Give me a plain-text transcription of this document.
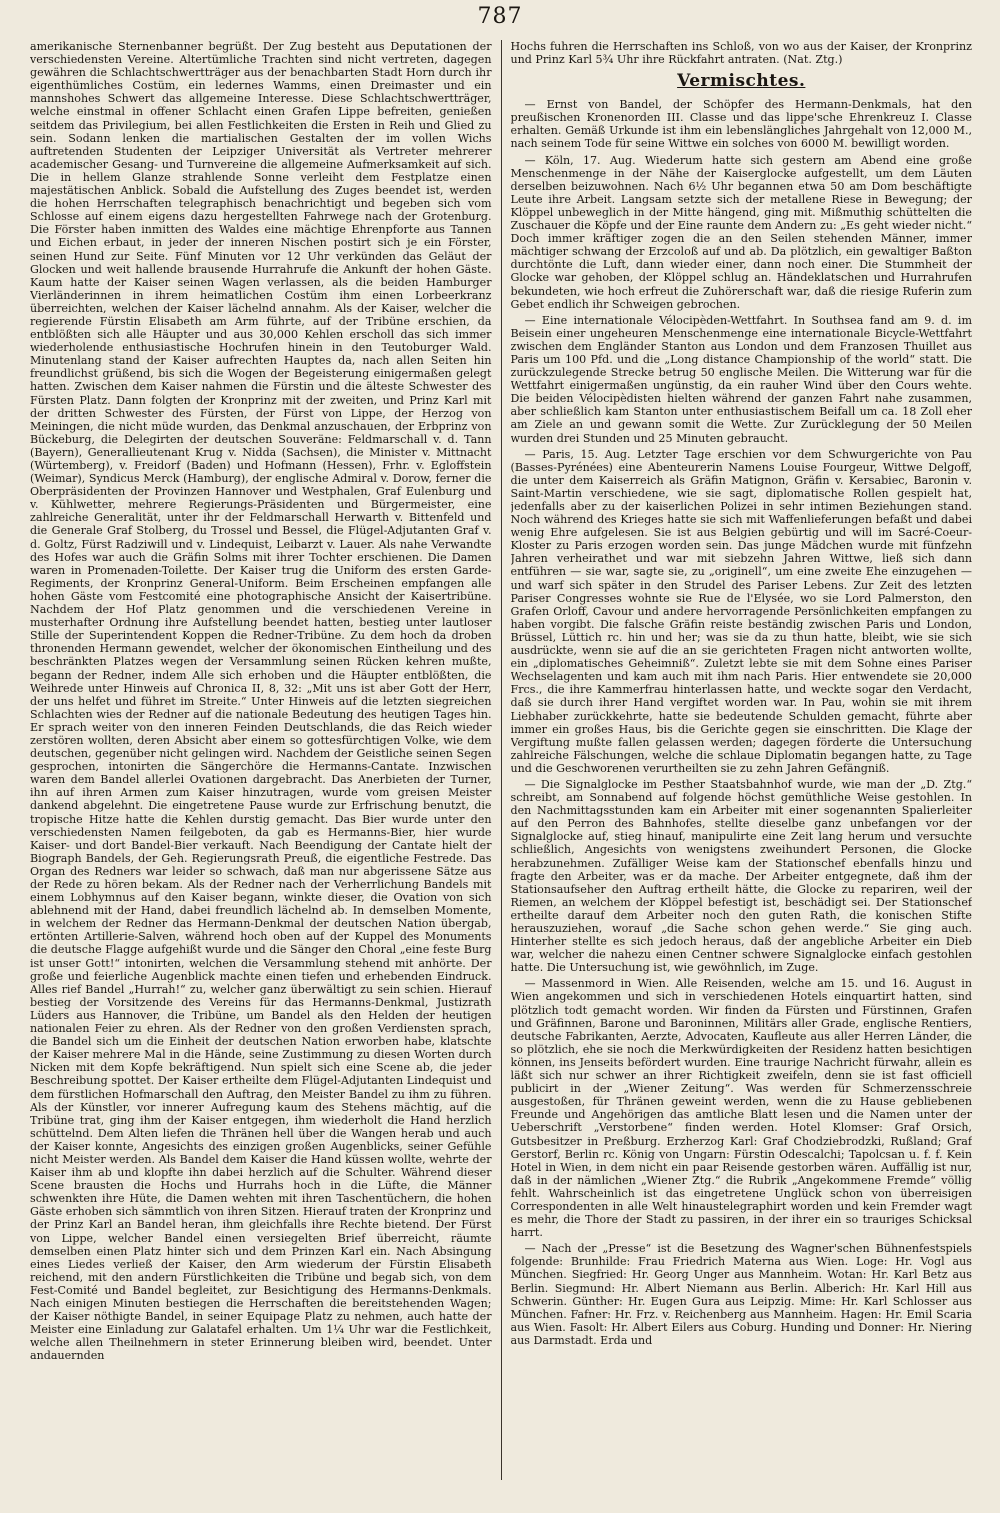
787

amerikanische Sternenbanner begrüßt. Der Zug besteht aus Deputationen der verschiedensten Vereine. Altertümliche Trachten sind nicht vertreten, dagegen gewähren die Schlachtschwertträger aus der benachbarten Stadt Horn durch ihr eigenthümliches Costüm, ein ledernes Wamms, einen Dreimaster und ein mannshohes Schwert das allgemeine Interesse. Diese Schlachtschwertträger, welche einstmal in offener Schlacht einen Grafen Lippe befreiten, genießen seitdem das Privilegium, bei allen Festlichkeiten die Ersten in Reih und Glied zu sein. Sodann lenken die martialischen Gestalten der im vollen Wichs auftretenden Studenten der Leipziger Universität als Vertreter mehrerer academischer Gesang- und Turnvereine die allgemeine Aufmerksamkeit auf sich. Die in hellem Glanze strahlende Sonne verleiht dem Festplatze einen majestätischen Anblick. Sobald die Aufstellung des Zuges beendet ist, werden die hohen Herrschaften telegraphisch benachrichtigt und begeben sich vom Schlosse auf einem eigens dazu hergestellten Fahrwege nach der Grotenburg. Die Förster haben inmitten des Waldes eine mächtige Ehrenpforte aus Tannen und Eichen erbaut, in jeder der inneren Nischen postirt sich je ein Förster, seinen Hund zur Seite. Fünf Minuten vor 12 Uhr verkünden das Geläut der Glocken und weit hallende brausende Hurrahrufe die Ankunft der hohen Gäste. Kaum hatte der Kaiser seinen Wagen verlassen, als die beiden Hamburger Vierländerinnen in ihrem heimatlichen Costüm ihm einen Lorbeerkranz überreichten, welchen der Kaiser lächelnd annahm. Als der Kaiser, welcher die regierende Fürstin Elisabeth am Arm führte, auf der Tribüne erschien, da entblößten sich alle Häupter und aus 30,000 Kehlen erscholl das sich immer wiederholende enthusiastische Hochrufen hinein in den Teutoburger Wald. Minutenlang stand der Kaiser aufrechten Hauptes da, nach allen Seiten hin freundlichst grüßend, bis sich die Wogen der Begeisterung einigermaßen gelegt hatten. Zwischen dem Kaiser nahmen die Fürstin und die älteste Schwester des Fürsten Platz. Dann folgten der Kronprinz mit der zweiten, und Prinz Karl mit der dritten Schwester des Fürsten, der Fürst von Lippe, der Herzog von Meiningen, die nicht müde wurden, das Denkmal anzuschauen, der Erbprinz von Bückeburg, die Delegirten der deutschen Souveräne: Feldmarschall v. d. Tann (Bayern), Generallieutenant Krug v. Nidda (Sachsen), die Minister v. Mittnacht (Würtemberg), v. Freidorf (Baden) und Hofmann (Hessen), Frhr. v. Egloffstein (Weimar), Syndicus Merck (Hamburg), der englische Admiral v. Dorow, ferner die Oberpräsidenten der Provinzen Hannover und Westphalen, Graf Eulenburg und v. Kühlwetter, mehrere Regierungs-Präsidenten und Bürgermeister, eine zahlreiche Generalität, unter ihr der Feldmarschall Herwarth v. Bittenfeld und die Generale Graf Stolberg, du Trossel und Bessel, die Flügel-Adjutanten Graf v. d. Goltz, Fürst Radziwill und v. Lindequist, Leibarzt v. Lauer. Als nahe Verwandte des Hofes war auch die Gräfin Solms mit ihrer Tochter erschienen. Die Damen waren in Promenaden-Toilette. Der Kaiser trug die Uniform des ersten Garde-Regiments, der Kronprinz General-Uniform. Beim Erscheinen empfangen alle hohen Gäste vom Festcomité eine photographische Ansicht der Kaisertribüne. Nachdem der Hof Platz genommen und die verschiedenen Vereine in musterhafter Ordnung ihre Aufstellung beendet hatten, bestieg unter lautloser Stille der Superintendent Koppen die Redner-Tribüne. Zu dem hoch da droben thronenden Hermann gewendet, welcher der ökonomischen Eintheilung und des beschränkten Platzes wegen der Versammlung seinen Rücken kehren mußte, begann der Redner, indem Alle sich erhoben und die Häupter entblößten, die Weihrede unter Hinweis auf Chronica II, 8, 32: „Mit uns ist aber Gott der Herr, der uns helfet und führet im Streite.“ Unter Hinweis auf die letzten siegreichen Schlachten wies der Redner auf die nationale Bedeutung des heutigen Tages hin. Er sprach weiter von den inneren Feinden Deutschlands, die das Reich wieder zerstören wollten, deren Absicht aber einem so gottesfürchtigen Volke, wie dem deutschen, gegenüber nicht gelingen wird. Nachdem der Geistliche seinen Segen gesprochen, intonirten die Sängerchöre die Hermanns-Cantate. Inzwischen waren dem Bandel allerlei Ovationen dargebracht. Das Anerbieten der Turner, ihn auf ihren Armen zum Kaiser hinzutragen, wurde vom greisen Meister dankend abgelehnt. Die eingetretene Pause wurde zur Erfrischung benutzt, die tropische Hitze hatte die Kehlen durstig gemacht. Das Bier wurde unter den verschiedensten Namen feilgeboten, da gab es Hermanns-Bier, hier wurde Kaiser- und dort Bandel-Bier verkauft. Nach Beendigung der Cantate hielt der Biograph Bandels, der Geh. Regierungsrath Preuß, die eigentliche Festrede. Das Organ des Redners war leider so schwach, daß man nur abgerissene Sätze aus der Rede zu hören bekam. Als der Redner nach der Verherrlichung Bandels mit einem Lobhymnus auf den Kaiser begann, winkte dieser, die Ovation von sich ablehnend mit der Hand, dabei freundlich lächelnd ab. In demselben Momente, in welchem der Redner das Hermann-Denkmal der deutschen Nation übergab, ertönten Artillerie-Salven, während hoch oben auf der Kuppel des Monuments die deutsche Flagge aufgehißt wurde und die Sänger den Choral „eine feste Burg ist unser Gott!“ intonirten, welchen die Versammlung stehend mit anhörte. Der große und feierliche Augenblick machte einen tiefen und erhebenden Eindruck. Alles rief Bandel „Hurrah!“ zu, welcher ganz überwältigt zu sein schien. Hierauf bestieg der Vorsitzende des Vereins für das Hermanns-Denkmal, Justizrath Lüders aus Hannover, die Tribüne, um Bandel als den Helden der heutigen nationalen Feier zu ehren. Als der Redner von den großen Verdiensten sprach, die Bandel sich um die Einheit der deutschen Nation erworben habe, klatschte der Kaiser mehrere Mal in die Hände, seine Zustimmung zu diesen Worten durch Nicken mit dem Kopfe bekräftigend. Nun spielt sich eine Scene ab, die jeder Beschreibung spottet. Der Kaiser ertheilte dem Flügel-Adjutanten Lindequist und dem fürstlichen Hofmarschall den Auftrag, den Meister Bandel zu ihm zu führen. Als der Künstler, vor innerer Aufregung kaum des Stehens mächtig, auf die Tribüne trat, ging ihm der Kaiser entgegen, ihm wiederholt die Hand herzlich schüttelnd. Dem Alten liefen die Thränen hell über die Wangen herab und auch der Kaiser konnte, Angesichts des einzigen großen Augenblicks, seiner Gefühle nicht Meister werden. Als Bandel dem Kaiser die Hand küssen wollte, wehrte der Kaiser ihm ab und klopfte ihn dabei herzlich auf die Schulter. Während dieser Scene brausten die Hochs und Hurrahs hoch in die Lüfte, die Männer schwenkten ihre Hüte, die Damen wehten mit ihren Taschentüchern, die hohen Gäste erhoben sich sämmtlich von ihren Sitzen. Hierauf traten der Kronprinz und der Prinz Karl an Bandel heran, ihm gleichfalls ihre Rechte bietend. Der Fürst von Lippe, welcher Bandel einen versiegelten Brief überreicht, räumte demselben einen Platz hinter sich und dem Prinzen Karl ein. Nach Absingung eines Liedes verließ der Kaiser, den Arm wiederum der Fürstin Elisabeth reichend, mit den andern Fürstlichkeiten die Tribüne und begab sich, von dem Fest-Comité und Bandel begleitet, zur Besichtigung des Hermanns-Denkmals. Nach einigen Minuten bestiegen die Herrschaften die bereitstehenden Wagen; der Kaiser nöthigte Bandel, in seiner Equipage Platz zu nehmen, auch hatte der Meister eine Einladung zur Galatafel erhalten. Um 1¼ Uhr war die Festlichkeit, welche allen Theilnehmern in steter Erinnerung bleiben wird, beendet. Unter andauernden

Hochs fuhren die Herrschaften ins Schloß, von wo aus der Kaiser, der Kronprinz und Prinz Karl 5¾ Uhr ihre Rückfahrt antraten. (Nat. Ztg.)

Vermischtes.

— Ernst von Bandel, der Schöpfer des Hermann-Denkmals, hat den preußischen Kronenorden III. Classe und das lippe'sche Ehrenkreuz I. Classe erhalten. Gemäß Urkunde ist ihm ein lebenslängliches Jahrgehalt von 12,000 M., nach seinem Tode für seine Wittwe ein solches von 6000 M. bewilligt worden.

— Köln, 17. Aug. Wiederum hatte sich gestern am Abend eine große Menschenmenge in der Nähe der Kaiserglocke aufgestellt, um dem Läuten derselben beizuwohnen. Nach 6½ Uhr begannen etwa 50 am Dom beschäftigte Leute ihre Arbeit. Langsam setzte sich der metallene Riese in Bewegung; der Klöppel unbeweglich in der Mitte hängend, ging mit. Mißmuthig schüttelten die Zuschauer die Köpfe und der Eine raunte dem Andern zu: „Es geht wieder nicht.“ Doch immer kräftiger zogen die an den Seilen stehenden Männer, immer mächtiger schwang der Erzcoloß auf und ab. Da plötzlich, ein gewaltiger Baßton durchtönte die Luft, dann wieder einer, dann noch einer. Die Stummheit der Glocke war gehoben, der Klöppel schlug an. Händeklatschen und Hurrahrufen bekundeten, wie hoch erfreut die Zuhörerschaft war, daß die riesige Ruferin zum Gebet endlich ihr Schweigen gebrochen.

— Eine internationale Vélocipèden-Wettfahrt. In Southsea fand am 9. d. im Beisein einer ungeheuren Menschenmenge eine internationale Bicycle-Wettfahrt zwischen dem Engländer Stanton aus London und dem Franzosen Thuillet aus Paris um 100 Pfd. und die „Long distance Championship of the world“ statt. Die zurückzulegende Strecke betrug 50 englische Meilen. Die Witterung war für die Wettfahrt einigermaßen ungünstig, da ein rauher Wind über den Cours wehte. Die beiden Vélocipèdisten hielten während der ganzen Fahrt nahe zusammen, aber schließlich kam Stanton unter enthusiastischem Beifall um ca. 18 Zoll eher am Ziele an und gewann somit die Wette. Zur Zurücklegung der 50 Meilen wurden drei Stunden und 25 Minuten gebraucht.

— Paris, 15. Aug. Letzter Tage erschien vor dem Schwurgerichte von Pau (Basses-Pyrénées) eine Abenteurerin Namens Louise Fourgeur, Wittwe Delgoff, die unter dem Kaiserreich als Gräfin Matignon, Gräfin v. Kersabiec, Baronin v. Saint-Martin verschiedene, wie sie sagt, diplomatische Rollen gespielt hat, jedenfalls aber zu der kaiserlichen Polizei in sehr intimen Beziehungen stand. Noch während des Krieges hatte sie sich mit Waffenlieferungen befaßt und dabei wenig Ehre aufgelesen. Sie ist aus Belgien gebürtig und will im Sacré-Coeur-Kloster zu Paris erzogen worden sein. Das junge Mädchen wurde mit fünfzehn Jahren verheirathet und war mit siebzehn Jahren Wittwe, ließ sich dann entführen — sie war, sagte sie, zu „originell“, um eine zweite Ehe einzugehen — und warf sich später in den Strudel des Pariser Lebens. Zur Zeit des letzten Pariser Congresses wohnte sie Rue de l'Elysée, wo sie Lord Palmerston, den Grafen Orloff, Cavour und andere hervorragende Persönlichkeiten empfangen zu haben vorgibt. Die falsche Gräfin reiste beständig zwischen Paris und London, Brüssel, Lüttich rc. hin und her; was sie da zu thun hatte, bleibt, wie sie sich ausdrückte, wenn sie auf die an sie gerichteten Fragen nicht antworten wollte, ein „diplomatisches Geheimniß“. Zuletzt lebte sie mit dem Sohne eines Pariser Wechselagenten und kam auch mit ihm nach Paris. Hier entwendete sie 20,000 Frcs., die ihre Kammerfrau hinterlassen hatte, und weckte sogar den Verdacht, daß sie durch ihrer Hand vergiftet worden war. In Pau, wohin sie mit ihrem Liebhaber zurückkehrte, hatte sie bedeutende Schulden gemacht, führte aber immer ein großes Haus, bis die Gerichte gegen sie einschritten. Die Klage der Vergiftung mußte fallen gelassen werden; dagegen förderte die Untersuchung zahlreiche Fälschungen, welche die schlaue Diplomatin begangen hatte, zu Tage und die Geschworenen verurtheilten sie zu zehn Jahren Gefängniß.

— Die Signalglocke im Pesther Staatsbahnhof wurde, wie man der „D. Ztg.“ schreibt, am Sonnabend auf folgende höchst gemüthliche Weise gestohlen. In den Nachmittagsstunden kam ein Arbeiter mit einer sogenannten Spalierleiter auf den Perron des Bahnhofes, stellte dieselbe ganz unbefangen vor der Signalglocke auf, stieg hinauf, manipulirte eine Zeit lang herum und versuchte schließlich, Angesichts von wenigstens zweihundert Personen, die Glocke herabzunehmen. Zufälliger Weise kam der Stationschef ebenfalls hinzu und fragte den Arbeiter, was er da mache. Der Arbeiter entgegnete, daß ihm der Stationsaufseher den Auftrag ertheilt hätte, die Glocke zu repariren, weil der Riemen, an welchem der Klöppel befestigt ist, beschädigt sei. Der Stationschef ertheilte darauf dem Arbeiter noch den guten Rath, die konischen Stifte herauszuziehen, worauf „die Sache schon gehen werde.“ Sie ging auch. Hinterher stellte es sich jedoch heraus, daß der angebliche Arbeiter ein Dieb war, welcher die nahezu einen Centner schwere Signalglocke einfach gestohlen hatte. Die Untersuchung ist, wie gewöhnlich, im Zuge.

— Massenmord in Wien. Alle Reisenden, welche am 15. und 16. August in Wien angekommen und sich in verschiedenen Hotels einquartirt hatten, sind plötzlich todt gemacht worden. Wir finden da Fürsten und Fürstinnen, Grafen und Gräfinnen, Barone und Baroninnen, Militärs aller Grade, englische Rentiers, deutsche Fabrikanten, Aerzte, Advocaten, Kaufleute aus aller Herren Länder, die so plötzlich, ehe sie noch die Merkwürdigkeiten der Residenz hatten besichtigen können, ins Jenseits befördert wurden. Eine traurige Nachricht fürwahr, allein es läßt sich nur schwer an ihrer Richtigkeit zweifeln, denn sie ist fast officiell publicirt in der „Wiener Zeitung“. Was werden für Schmerzensschreie ausgestoßen, für Thränen geweint werden, wenn die zu Hause gebliebenen Freunde und Angehörigen das amtliche Blatt lesen und die Namen unter der Ueberschrift „Verstorbene“ finden werden. Hotel Klomser: Graf Orsich, Gutsbesitzer in Preßburg. Erzherzog Karl: Graf Chodziebrodzki, Rußland; Graf Gerstorf, Berlin rc. König von Ungarn: Fürstin Odescalchi; Tapolcsan u. f. f. Kein Hotel in Wien, in dem nicht ein paar Reisende gestorben wären. Auffällig ist nur, daß in der nämlichen „Wiener Ztg.“ die Rubrik „Angekommene Fremde“ völlig fehlt. Wahrscheinlich ist das eingetretene Unglück schon von überreisigen Correspondenten in alle Welt hinaustelegraphirt worden und kein Fremder wagt es mehr, die Thore der Stadt zu passiren, in der ihrer ein so trauriges Schicksal harrt.

— Nach der „Presse“ ist die Besetzung des Wagner'schen Bühnenfestspiels folgende: Brunhilde: Frau Friedrich Materna aus Wien. Loge: Hr. Vogl aus München. Siegfried: Hr. Georg Unger aus Mannheim. Wotan: Hr. Karl Betz aus Berlin. Siegmund: Hr. Albert Niemann aus Berlin. Alberich: Hr. Karl Hill aus Schwerin. Günther: Hr. Eugen Gura aus Leipzig. Mime: Hr. Karl Schlosser aus München. Fafner: Hr. Frz. v. Reichenberg aus Mannheim. Hagen: Hr. Emil Scaria aus Wien. Fasolt: Hr. Albert Eilers aus Coburg. Hunding und Donner: Hr. Niering aus Darmstadt. Erda und
